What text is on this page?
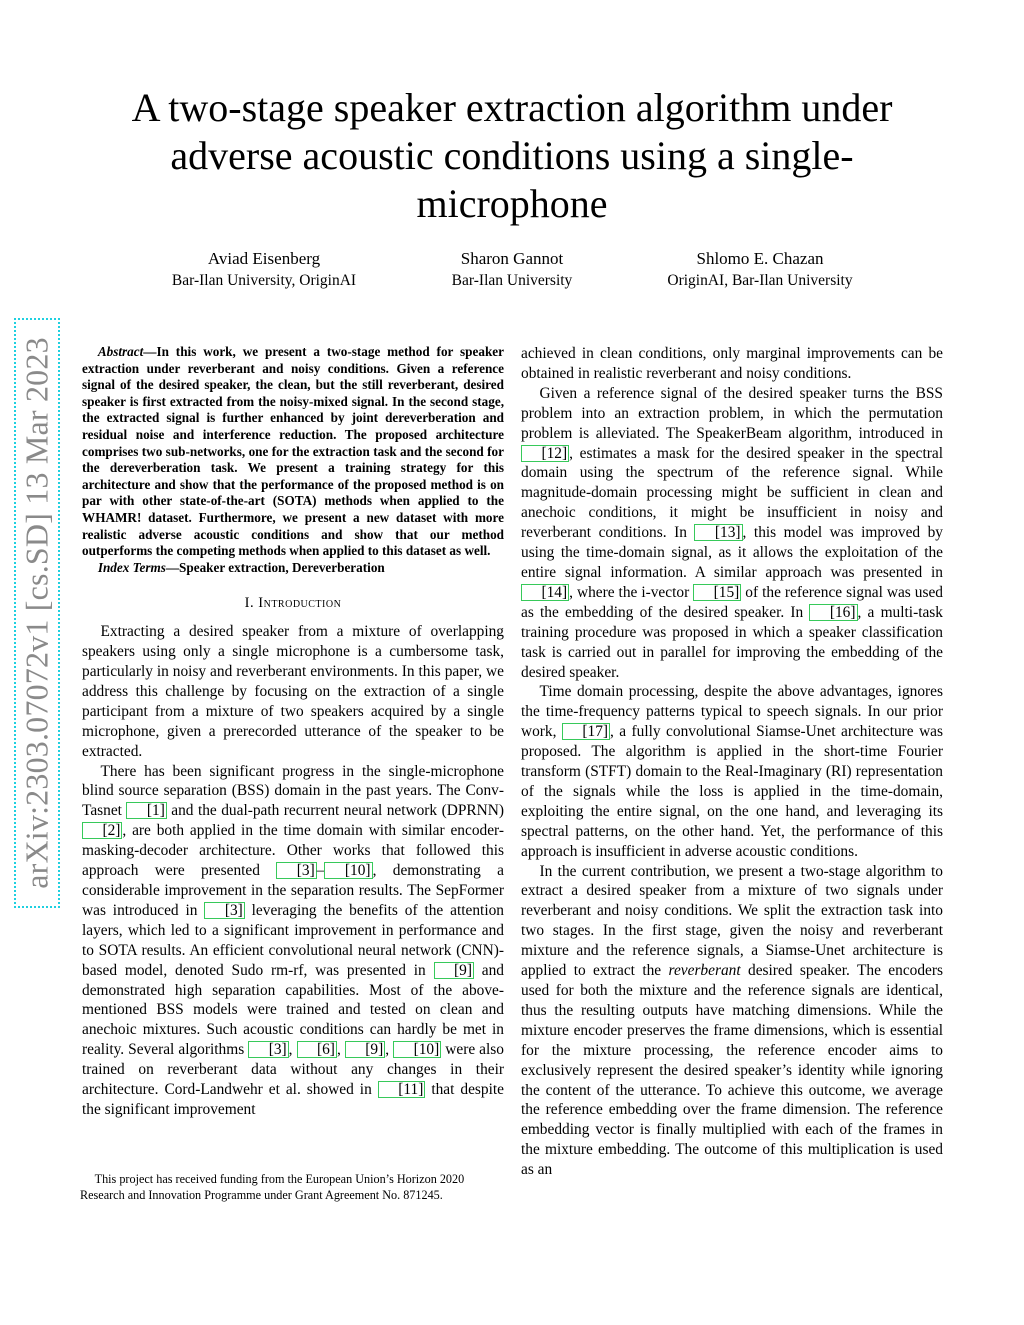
A two-stage speaker extraction algorithm under adverse acoustic conditions using a single-microphone
Aviad Eisenberg
Bar-Ilan University, OriginAI
Sharon Gannot
Bar-Ilan University
Shlomo E. Chazan
OriginAI, Bar-Ilan University
arXiv:2303.07072v1 [cs.SD] 13 Mar 2023	Abstract—In this work, we present a two-stage method for speaker extraction under reverberant and noisy conditions. Given a reference signal of the desired speaker, the clean, but the still reverberant, desired speaker is first extracted from the noisy-mixed signal. In the second stage, the extracted signal is further enhanced by joint dereverberation and residual noise and interference reduction. The proposed architecture comprises two sub-networks, one for the extraction task and the second for the dereverberation task. We present a training strategy for this architecture and show that the performance of the proposed method is on par with other state-of-the-art (SOTA) methods when applied to the WHAMR! dataset. Furthermore, we present a new dataset with more realistic adverse acoustic conditions and show that our method outperforms the competing methods when applied to this dataset as well.

Index Terms—Speaker extraction, Dereverberation

I. Introduction

Extracting a desired speaker from a mixture of overlapping speakers using only a single microphone is a cumbersome task, particularly in noisy and reverberant environments. In this paper, we address this challenge by focusing on the extraction of a single participant from a mixture of two speakers acquired by a single microphone, given a prerecorded utterance of the speaker to be extracted.

There has been significant progress in the single-microphone blind source separation (BSS) domain in the past years. The Conv-Tasnet [1] and the dual-path recurrent neural network (DPRNN) [2] , are both applied in the time domain with similar encoder-masking-decoder architecture. Other works that followed this approach were presented [3] – [10] , demonstrating a considerable improvement in the separation results. The SepFormer was introduced in [3] leveraging the benefits of the attention layers, which led to a significant improvement in performance and to SOTA results. An efficient convolutional neural network (CNN)-based model, denoted Sudo rm-rf, was presented in [9] and demonstrated high separation capabilities. Most of the above-mentioned BSS models were trained and tested on clean and anechoic mixtures. Such acoustic conditions can hardly be met in reality. Several algorithms [3] , [6] , [9] , [10] were also trained on reverberant data without any changes in their architecture. Cord-Landwehr et al. showed in [11] that despite the significant improvement

This project has received funding from the European Union’s Horizon 2020 Research and Innovation Programme under Grant Agreement No. 871245.

achieved in clean conditions, only marginal improvements can be obtained in realistic reverberant and noisy conditions.

Given a reference signal of the desired speaker turns the BSS problem into an extraction problem, in which the permutation problem is alleviated. The SpeakerBeam algorithm, introduced in [12] , estimates a mask for the desired speaker in the spectral domain using the spectrum of the reference signal. While magnitude-domain processing might be sufficient in clean and anechoic conditions, it might be insufficient in noisy and reverberant conditions. In [13] , this model was improved by using the time-domain signal, as it allows the exploitation of the entire signal information. A similar approach was presented in [14] , where the i-vector [15] of the reference signal was used as the embedding of the desired speaker. In [16] , a multi-task training procedure was proposed in which a speaker classification task is carried out in parallel for improving the embedding of the desired speaker.

Time domain processing, despite the above advantages, ignores the time-frequency patterns typical to speech signals. In our prior work, [17] , a fully convolutional Siamse-Unet architecture was proposed. The algorithm is applied in the short-time Fourier transform (STFT) domain to the Real-Imaginary (RI) representation of the signals while the loss is applied in the time-domain, exploiting the entire signal, on the one hand, and leveraging its spectral patterns, on the other hand. Yet, the performance of this approach is insufficient in adverse acoustic conditions.

In the current contribution, we present a two-stage algorithm to extract a desired speaker from a mixture of two signals under reverberant and noisy conditions. We split the extraction task into two stages. In the first stage, given the noisy and reverberant mixture and the reference signals, a Siamse-Unet architecture is applied to extract the reverberant desired speaker. The encoders used for both the mixture and the reference signals are identical, thus the resulting outputs have matching dimensions. While the mixture encoder preserves the frame dimensions, which is essential for the mixture processing, the reference encoder aims to exclusively represent the desired speaker’s identity while ignoring the content of the utterance. To achieve this outcome, we average the reference embedding over the frame dimension. The reference embedding vector is finally multiplied with each of the frames in the mixture embedding. The outcome of this multiplication is used as an
